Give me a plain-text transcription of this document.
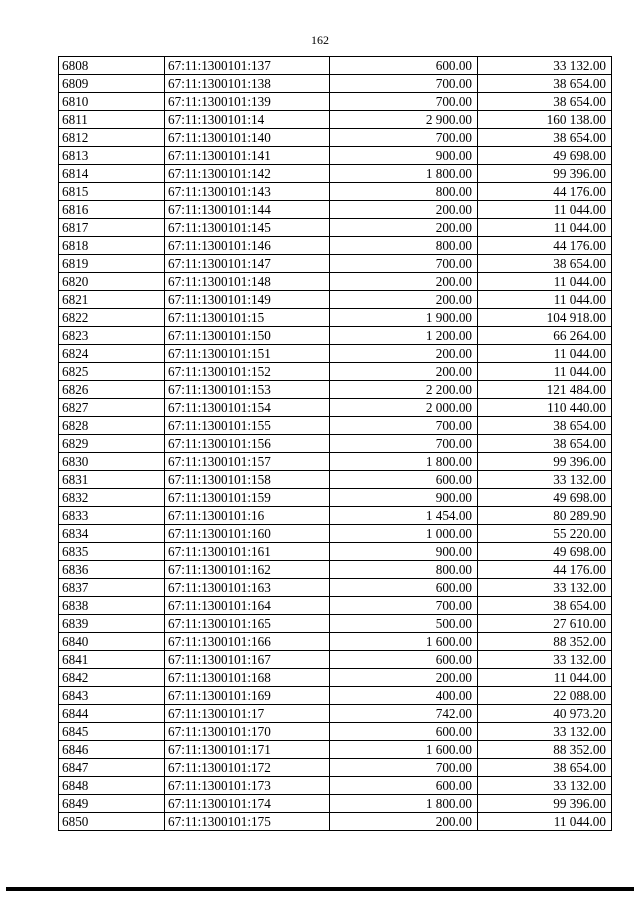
162
6808	67:11:1300101:137	600.00	33 132.00
6809	67:11:1300101:138	700.00	38 654.00
6810	67:11:1300101:139	700.00	38 654.00
6811	67:11:1300101:14	2 900.00	160 138.00
6812	67:11:1300101:140	700.00	38 654.00
6813	67:11:1300101:141	900.00	49 698.00
6814	67:11:1300101:142	1 800.00	99 396.00
6815	67:11:1300101:143	800.00	44 176.00
6816	67:11:1300101:144	200.00	11 044.00
6817	67:11:1300101:145	200.00	11 044.00
6818	67:11:1300101:146	800.00	44 176.00
6819	67:11:1300101:147	700.00	38 654.00
6820	67:11:1300101:148	200.00	11 044.00
6821	67:11:1300101:149	200.00	11 044.00
6822	67:11:1300101:15	1 900.00	104 918.00
6823	67:11:1300101:150	1 200.00	66 264.00
6824	67:11:1300101:151	200.00	11 044.00
6825	67:11:1300101:152	200.00	11 044.00
6826	67:11:1300101:153	2 200.00	121 484.00
6827	67:11:1300101:154	2 000.00	110 440.00
6828	67:11:1300101:155	700.00	38 654.00
6829	67:11:1300101:156	700.00	38 654.00
6830	67:11:1300101:157	1 800.00	99 396.00
6831	67:11:1300101:158	600.00	33 132.00
6832	67:11:1300101:159	900.00	49 698.00
6833	67:11:1300101:16	1 454.00	80 289.90
6834	67:11:1300101:160	1 000.00	55 220.00
6835	67:11:1300101:161	900.00	49 698.00
6836	67:11:1300101:162	800.00	44 176.00
6837	67:11:1300101:163	600.00	33 132.00
6838	67:11:1300101:164	700.00	38 654.00
6839	67:11:1300101:165	500.00	27 610.00
6840	67:11:1300101:166	1 600.00	88 352.00
6841	67:11:1300101:167	600.00	33 132.00
6842	67:11:1300101:168	200.00	11 044.00
6843	67:11:1300101:169	400.00	22 088.00
6844	67:11:1300101:17	742.00	40 973.20
6845	67:11:1300101:170	600.00	33 132.00
6846	67:11:1300101:171	1 600.00	88 352.00
6847	67:11:1300101:172	700.00	38 654.00
6848	67:11:1300101:173	600.00	33 132.00
6849	67:11:1300101:174	1 800.00	99 396.00
6850	67:11:1300101:175	200.00	11 044.00
